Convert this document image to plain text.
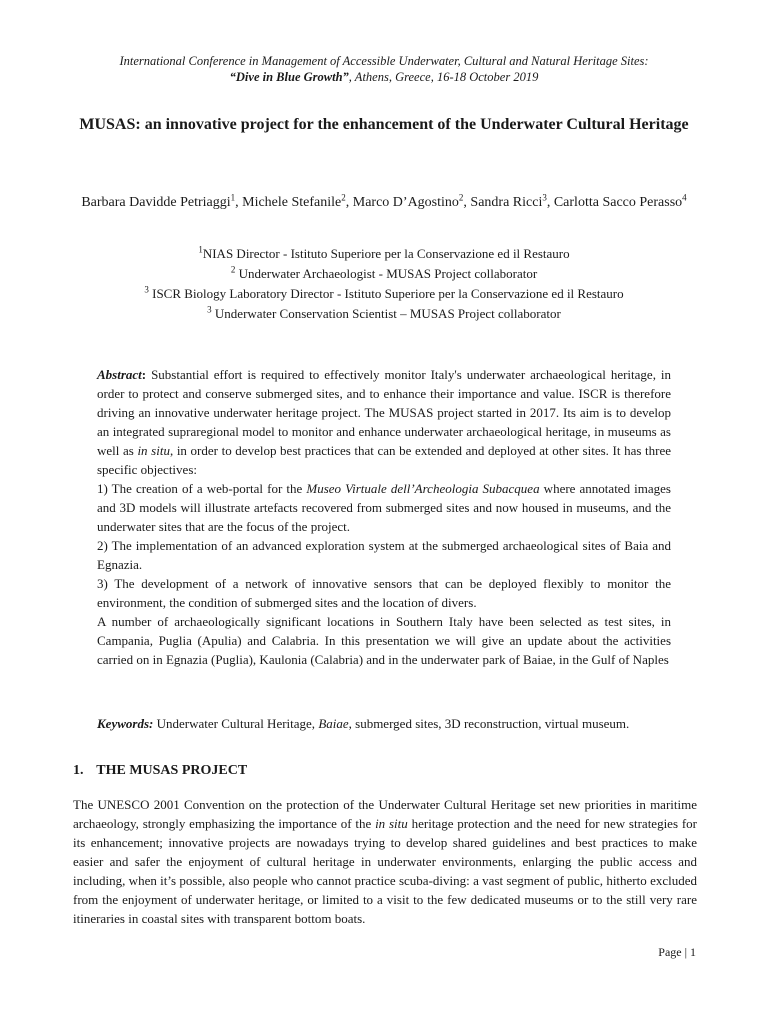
International Conference in Management of Accessible Underwater, Cultural and Natural Heritage Sites:
“Dive in Blue Growth”, Athens, Greece, 16-18 October 2019
MUSAS: an innovative project for the enhancement of the Underwater Cultural Heritage
Barbara Davidde Petriaggi$^1$, Michele Stefanile$^2$, Marco D’Agostino$^2$, Sandra Ricci$^3$, Carlotta Sacco Perasso$^4$
$^1$NIAS Director - Istituto Superiore per la Conservazione ed il Restauro
$^2$ Underwater Archaeologist - MUSAS Project collaborator
$^3$ ISCR Biology Laboratory Director - Istituto Superiore per la Conservazione ed il Restauro
$^3$ Underwater Conservation Scientist – MUSAS Project collaborator

Abstract: Substantial effort is required to effectively monitor Italy's underwater archaeological heritage, in order to protect and conserve submerged sites, and to enhance their importance and value. ISCR is therefore driving an innovative underwater heritage project. The MUSAS project started in 2017. Its aim is to develop an integrated supraregional model to monitor and enhance underwater archaeological heritage, in museums as well as in situ, in order to develop best practices that can be extended and deployed at other sites. It has three specific objectives:

1) The creation of a web-portal for the Museo Virtuale dell’Archeologia Subacquea where annotated images and 3D models will illustrate artefacts recovered from submerged sites and now housed in museums, and the underwater sites that are the focus of the project.

2) The implementation of an advanced exploration system at the submerged archaeological sites of Baia and Egnazia.

3) The development of a network of innovative sensors that can be deployed flexibly to monitor the environment, the condition of submerged sites and the location of divers.

A number of archaeologically significant locations in Southern Italy have been selected as test sites, in Campania, Puglia (Apulia) and Calabria. In this presentation we will give an update about the activities carried on in Egnazia (Puglia), Kaulonia (Calabria) and in the underwater park of Baiae, in the Gulf of Naples

Keywords: Underwater Cultural Heritage, Baiae, submerged sites, 3D reconstruction, virtual museum.
1. THE MUSAS PROJECT
The UNESCO 2001 Convention on the protection of the Underwater Cultural Heritage set new priorities in maritime archaeology, strongly emphasizing the importance of the in situ heritage protection and the need for new strategies for its enhancement; innovative projects are nowadays trying to develop shared guidelines and best practices to make easier and safer the enjoyment of cultural heritage in underwater environments, enlarging the public access and including, when it’s possible, also people who cannot practice scuba-diving: a vast segment of public, hitherto excluded from the enjoyment of underwater heritage, or limited to a visit to the few dedicated museums or to the still very rare itineraries in coastal sites with transparent bottom boats.
Page | 1
